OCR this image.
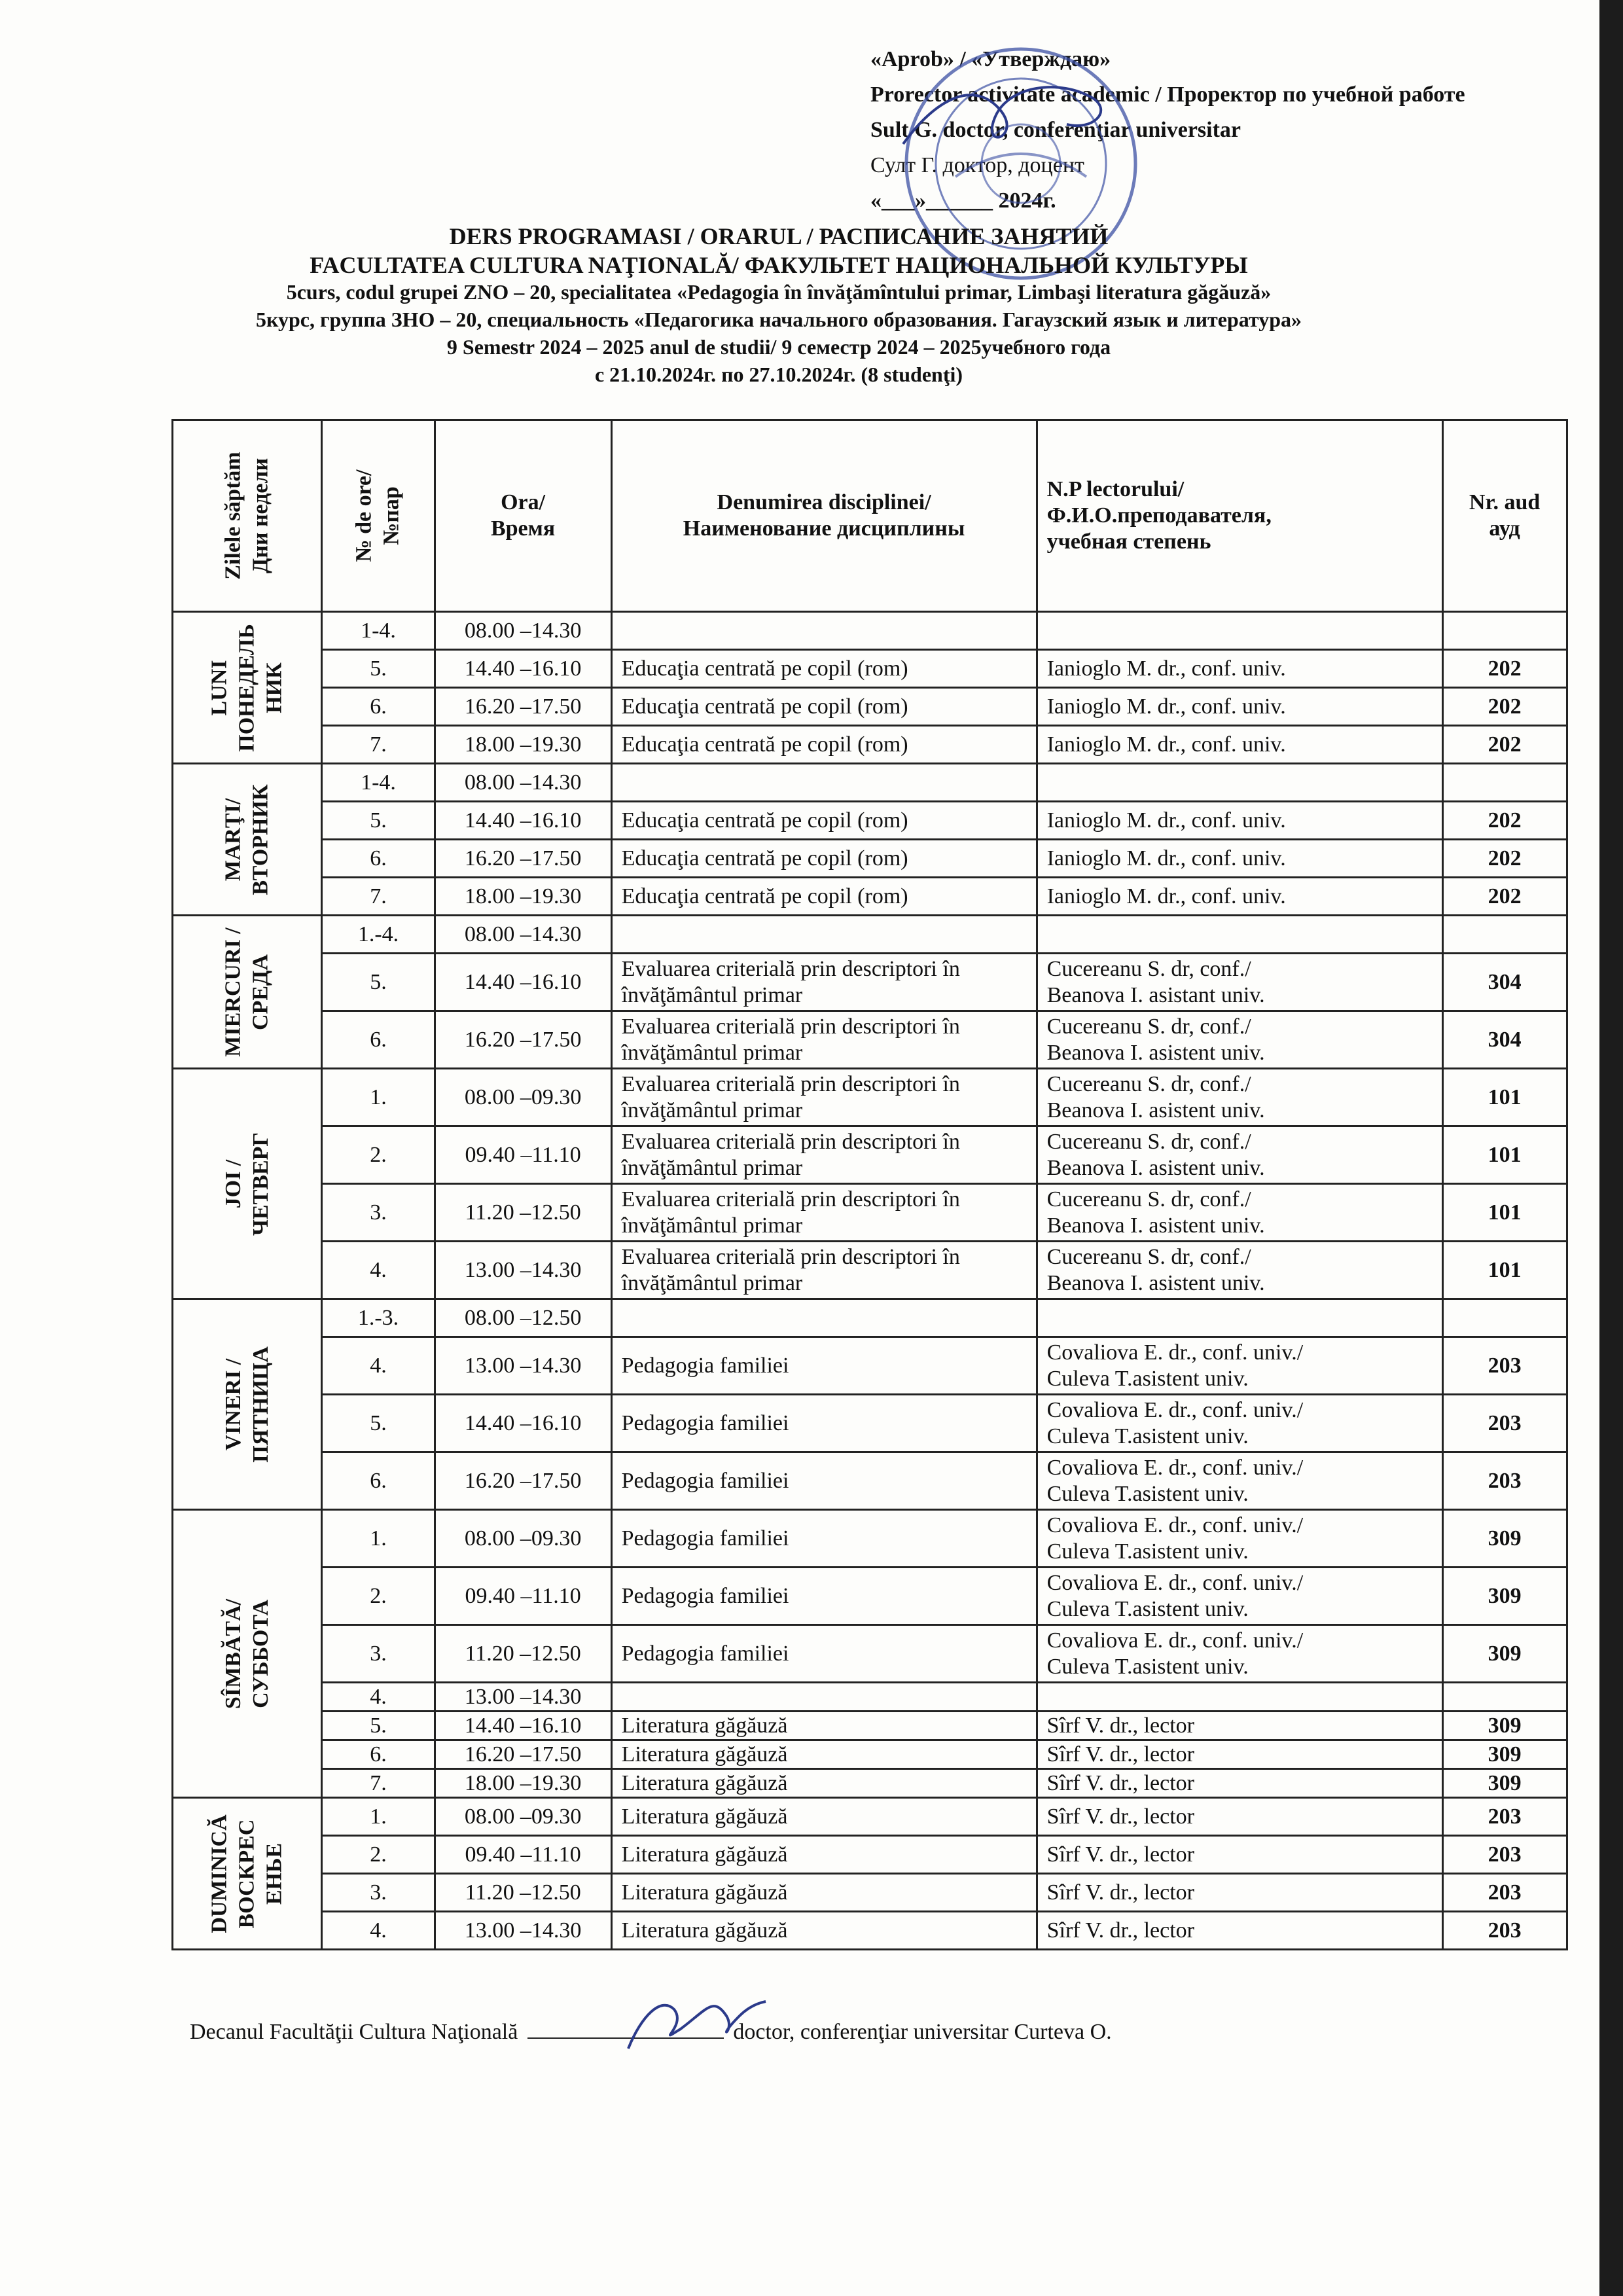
«Aprob» / «Утверждаю»
Prorector activitate academic / Проректор по учебной работе
Sult G. doctor, conferenţiar universitar
Султ Г. доктор, доцент
«___»______ 2024г.
DERS PROGRAMASI / ORARUL / РАСПИСАНИЕ ЗАНЯТИЙ
FACULTATEA CULTURA NAŢIONALĂ/ ФАКУЛЬТЕТ НАЦИОНАЛЬНОЙ КУЛЬТУРЫ
5curs, codul grupei ZNO – 20, specialitatea «Pedagogia în învăţămîntului primar, Limbaşi literatura găgăuză»
5курс, группа ЗНО – 20, специальность «Педагогика начального образования. Гагаузский язык и литература»
9 Semestr 2024 – 2025 anul de studii/ 9 семестр 2024 – 2025учебного года
с 21.10.2024г. по 27.10.2024г. (8 studenţi)
Zilele săptăm Дни недели	№ de ore/ №пар	Ora/
Время	Denumirea disciplinei/
Наименование дисциплины	N.P lectorului/
Ф.И.О.преподавателя,
учебная степень	Nr. aud
ауд
LUNI ПОНЕДЕЛЬ НИК	1-4.	08.00 –14.30			
	5.	14.40 –16.10	Educaţia centrată pe copil (rom)	Ianioglo M. dr., conf. univ.	202
	6.	16.20 –17.50	Educaţia centrată pe copil (rom)	Ianioglo M. dr., conf. univ.	202
	7.	18.00 –19.30	Educaţia centrată pe copil (rom)	Ianioglo M. dr., conf. univ.	202
MARŢI/ ВТОРНИК	1-4.	08.00 –14.30			
	5.	14.40 –16.10	Educaţia centrată pe copil (rom)	Ianioglo M. dr., conf. univ.	202
	6.	16.20 –17.50	Educaţia centrată pe copil (rom)	Ianioglo M. dr., conf. univ.	202
	7.	18.00 –19.30	Educaţia centrată pe copil (rom)	Ianioglo M. dr., conf. univ.	202
MIERCURI / СРЕДА	1.-4.	08.00 –14.30			
	5.	14.40 –16.10	Evaluarea criterială prin descriptori în
învăţământul primar	Cucereanu S. dr, conf./
Beanova I. asistant univ.	304
	6.	16.20 –17.50	Evaluarea criterială prin descriptori în
învăţământul primar	Cucereanu S. dr, conf./
Beanova I. asistent univ.	304
JOI / ЧЕТВЕРГ	1.	08.00 –09.30	Evaluarea criterială prin descriptori în
învăţământul primar	Cucereanu S. dr, conf./
Beanova I. asistent univ.	101
	2.	09.40 –11.10	Evaluarea criterială prin descriptori în
învăţământul primar	Cucereanu S. dr, conf./
Beanova I. asistent univ.	101
	3.	11.20 –12.50	Evaluarea criterială prin descriptori în
învăţământul primar	Cucereanu S. dr, conf./
Beanova I. asistent univ.	101
	4.	13.00 –14.30	Evaluarea criterială prin descriptori în
învăţământul primar	Cucereanu S. dr, conf./
Beanova I. asistent univ.	101
VINERI / ПЯТНИЦА	1.-3.	08.00 –12.50			
	4.	13.00 –14.30	Pedagogia familiei	Covaliova E. dr., conf. univ./
Culeva T.asistent univ.	203
	5.	14.40 –16.10	Pedagogia familiei	Covaliova E. dr., conf. univ./
Culeva T.asistent univ.	203
	6.	16.20 –17.50	Pedagogia familiei	Covaliova E. dr., conf. univ./
Culeva T.asistent univ.	203
SÎMBĂTĂ/ СУББОТА	1.	08.00 –09.30	Pedagogia familiei	Covaliova E. dr., conf. univ./
Culeva T.asistent univ.	309
	2.	09.40 –11.10	Pedagogia familiei	Covaliova E. dr., conf. univ./
Culeva T.asistent univ.	309
	3.	11.20 –12.50	Pedagogia familiei	Covaliova E. dr., conf. univ./
Culeva T.asistent univ.	309
	4.	13.00 –14.30			
	5.	14.40 –16.10	Literatura găgăuză	Sîrf V. dr., lector	309
	6.	16.20 –17.50	Literatura găgăuză	Sîrf V. dr., lector	309
	7.	18.00 –19.30	Literatura găgăuză	Sîrf V. dr., lector	309
DUMINICĂ ВОСКРЕС ЕНЬЕ	1.	08.00 –09.30	Literatura găgăuză	Sîrf V. dr., lector	203
	2.	09.40 –11.10	Literatura găgăuză	Sîrf V. dr., lector	203
	3.	11.20 –12.50	Literatura găgăuză	Sîrf V. dr., lector	203
	4.	13.00 –14.30	Literatura găgăuză	Sîrf V. dr., lector	203
Decanul Facultăţii Cultura Naţională	doctor, conferenţiar universitar Curteva O.
